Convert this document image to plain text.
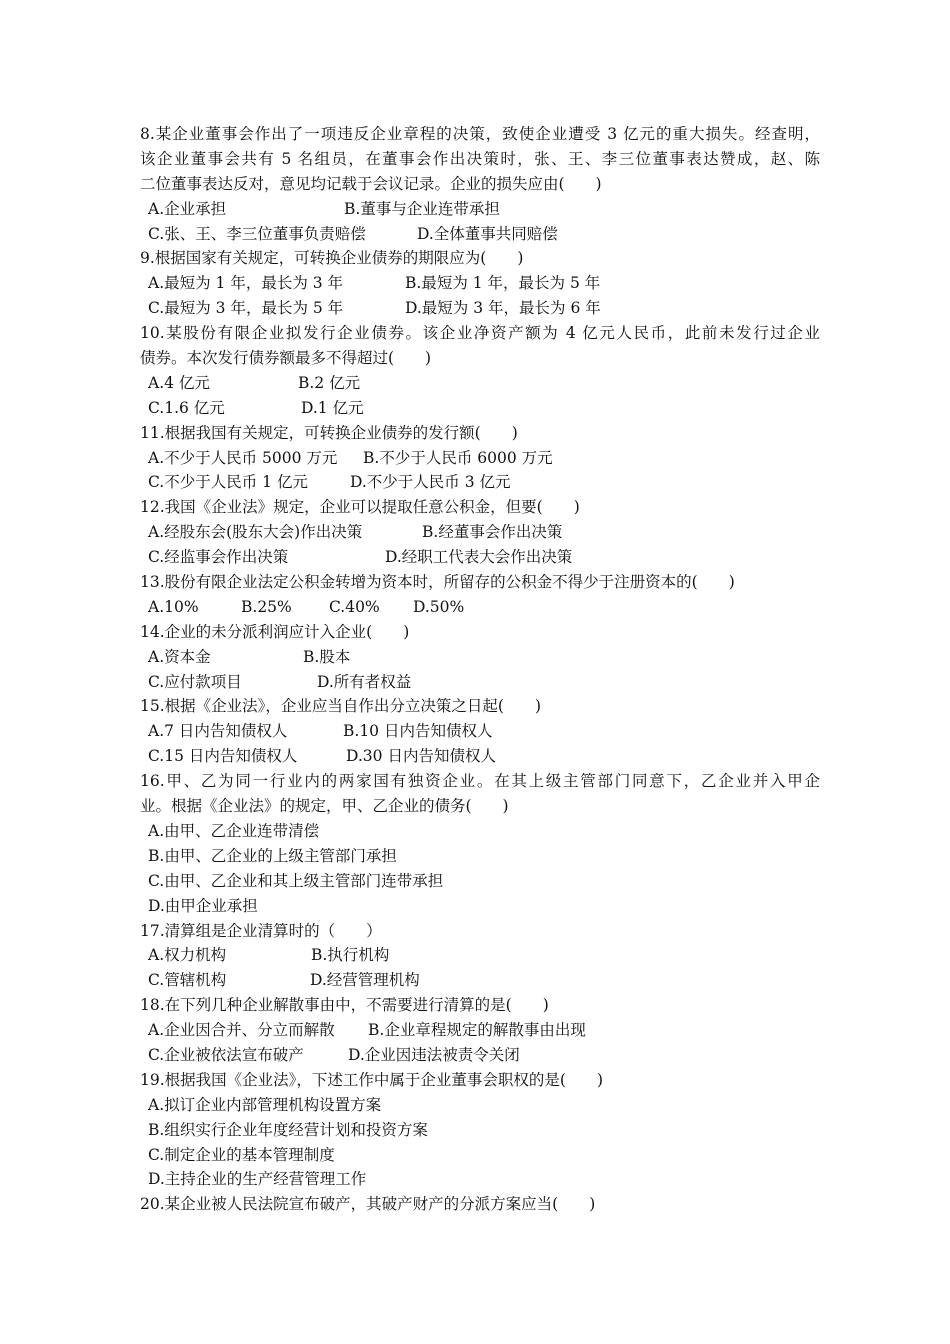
8.某企业董事会作出了一项违反企业章程的决策，致使企业遭受 3 亿元的重大损失。经查明，
该企业董事会共有 5 名组员，在董事会作出决策时，张、王、李三位董事表达赞成，赵、陈
二位董事表达反对，意见均记载于会议记录。企业的损失应由(　　)
A.企业承担	B.董事与企业连带承担
C.张、王、李三位董事负责赔偿	D.全体董事共同赔偿
9.根据国家有关规定，可转换企业债券的期限应为(　　)
A.最短为 1 年，最长为 3 年	B.最短为 1 年，最长为 5 年
C.最短为 3 年，最长为 5 年	D.最短为 3 年，最长为 6 年
10.某股份有限企业拟发行企业债券。该企业净资产额为 4 亿元人民币，此前未发行过企业
债券。本次发行债券额最多不得超过(　　)
A.4 亿元	B.2 亿元
C.1.6 亿元	D.1 亿元
11.根据我国有关规定，可转换企业债券的发行额(　　)
A.不少于人民币 5000 万元 B.不少于人民币 6000 万元
C.不少于人民币 1 亿元	D.不少于人民币 3 亿元
12.我国《企业法》规定，企业可以提取任意公积金，但要(　　)
A.经股东会(股东大会)作出决策	B.经董事会作出决策
C.经监事会作出决策	D.经职工代表大会作出决策
13.股份有限企业法定公积金转增为资本时，所留存的公积金不得少于注册资本的(　　)
A.10%	B.25% C.40% D.50%
14.企业的未分派利润应计入企业(　　)
A.资本金	B.股本
C.应付款项目	D.所有者权益
15.根据《企业法》，企业应当自作出分立决策之日起(　　)
A.7 日内告知债权人	B.10 日内告知债权人
C.15 日内告知债权人	D.30 日内告知债权人
16.甲、乙为同一行业内的两家国有独资企业。在其上级主管部门同意下，乙企业并入甲企
业。根据《企业法》的规定，甲、乙企业的债务(　　)
A.由甲、乙企业连带清偿
B.由甲、乙企业的上级主管部门承担
C.由甲、乙企业和其上级主管部门连带承担
D.由甲企业承担
17.清算组是企业清算时的（　　）
A.权力机构	B.执行机构
C.管辖机构	D.经营管理机构
18.在下列几种企业解散事由中，不需要进行清算的是(　　)
A.企业因合并、分立而解散 B.企业章程规定的解散事由出现
C.企业被依法宣布破产	D.企业因违法被责令关闭
19.根据我国《企业法》，下述工作中属于企业董事会职权的是(　　)
A.拟订企业内部管理机构设置方案
B.组织实行企业年度经营计划和投资方案
C.制定企业的基本管理制度
D.主持企业的生产经营管理工作
20.某企业被人民法院宣布破产，其破产财产的分派方案应当(　　)
